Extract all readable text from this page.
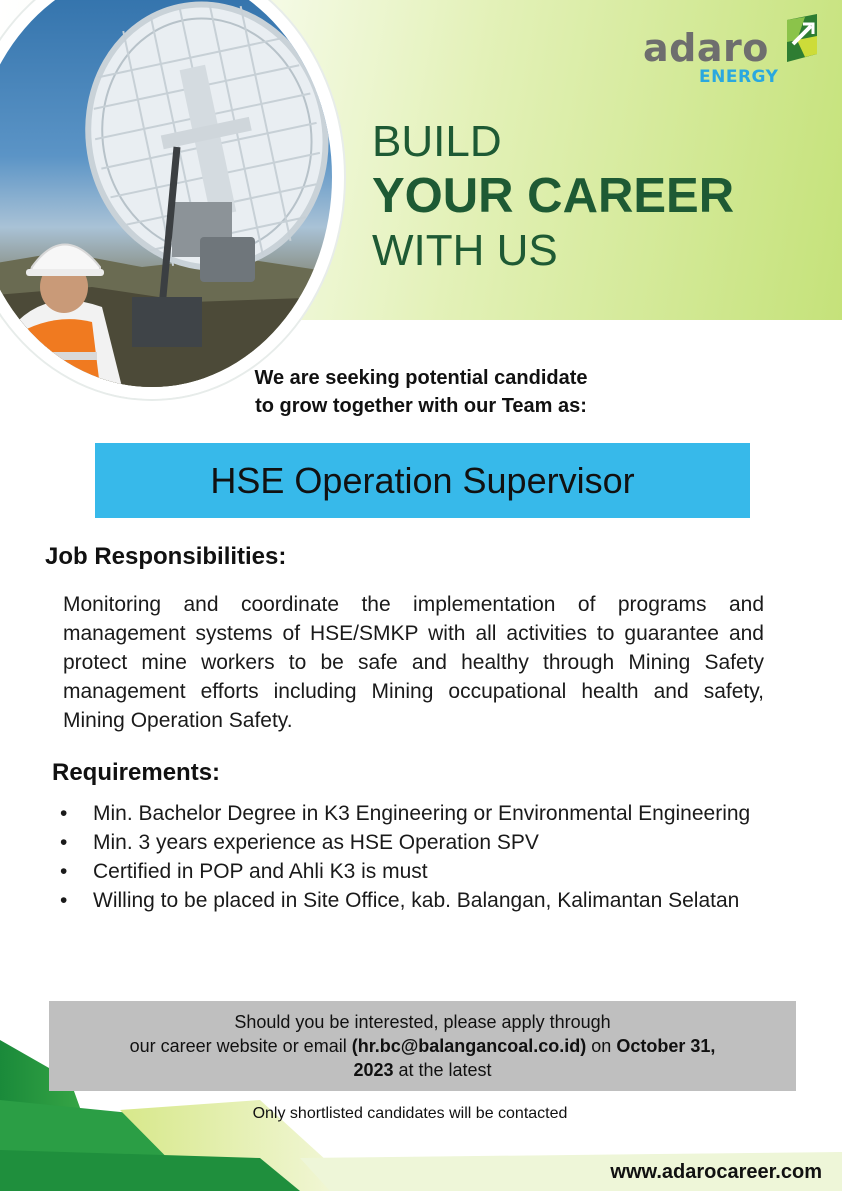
adaro
ENERGY
BUILD
YOUR CAREER
WITH US
We are seeking potential candidate
to grow together with our Team as:
HSE Operation Supervisor
Job Responsibilities:

Monitoring and coordinate the implementation of programs and management systems of HSE/SMKP with all activities to guarantee and protect mine workers to be safe and healthy through Mining Safety management efforts including Mining occupational health and safety, Mining Operation Safety.

Requirements:
• Min. Bachelor Degree in K3 Engineering or Environmental Engineering
• Min. 3 years experience as HSE Operation SPV
• Certified in POP and Ahli K3 is must
• Willing to be placed in Site Office, kab. Balangan, Kalimantan Selatan
Should you be interested, please apply through
our career website or email (hr.bc@balangancoal.co.id) on October 31,
2023 at the latest
Only shortlisted candidates will be contacted
www.adarocareer.com
